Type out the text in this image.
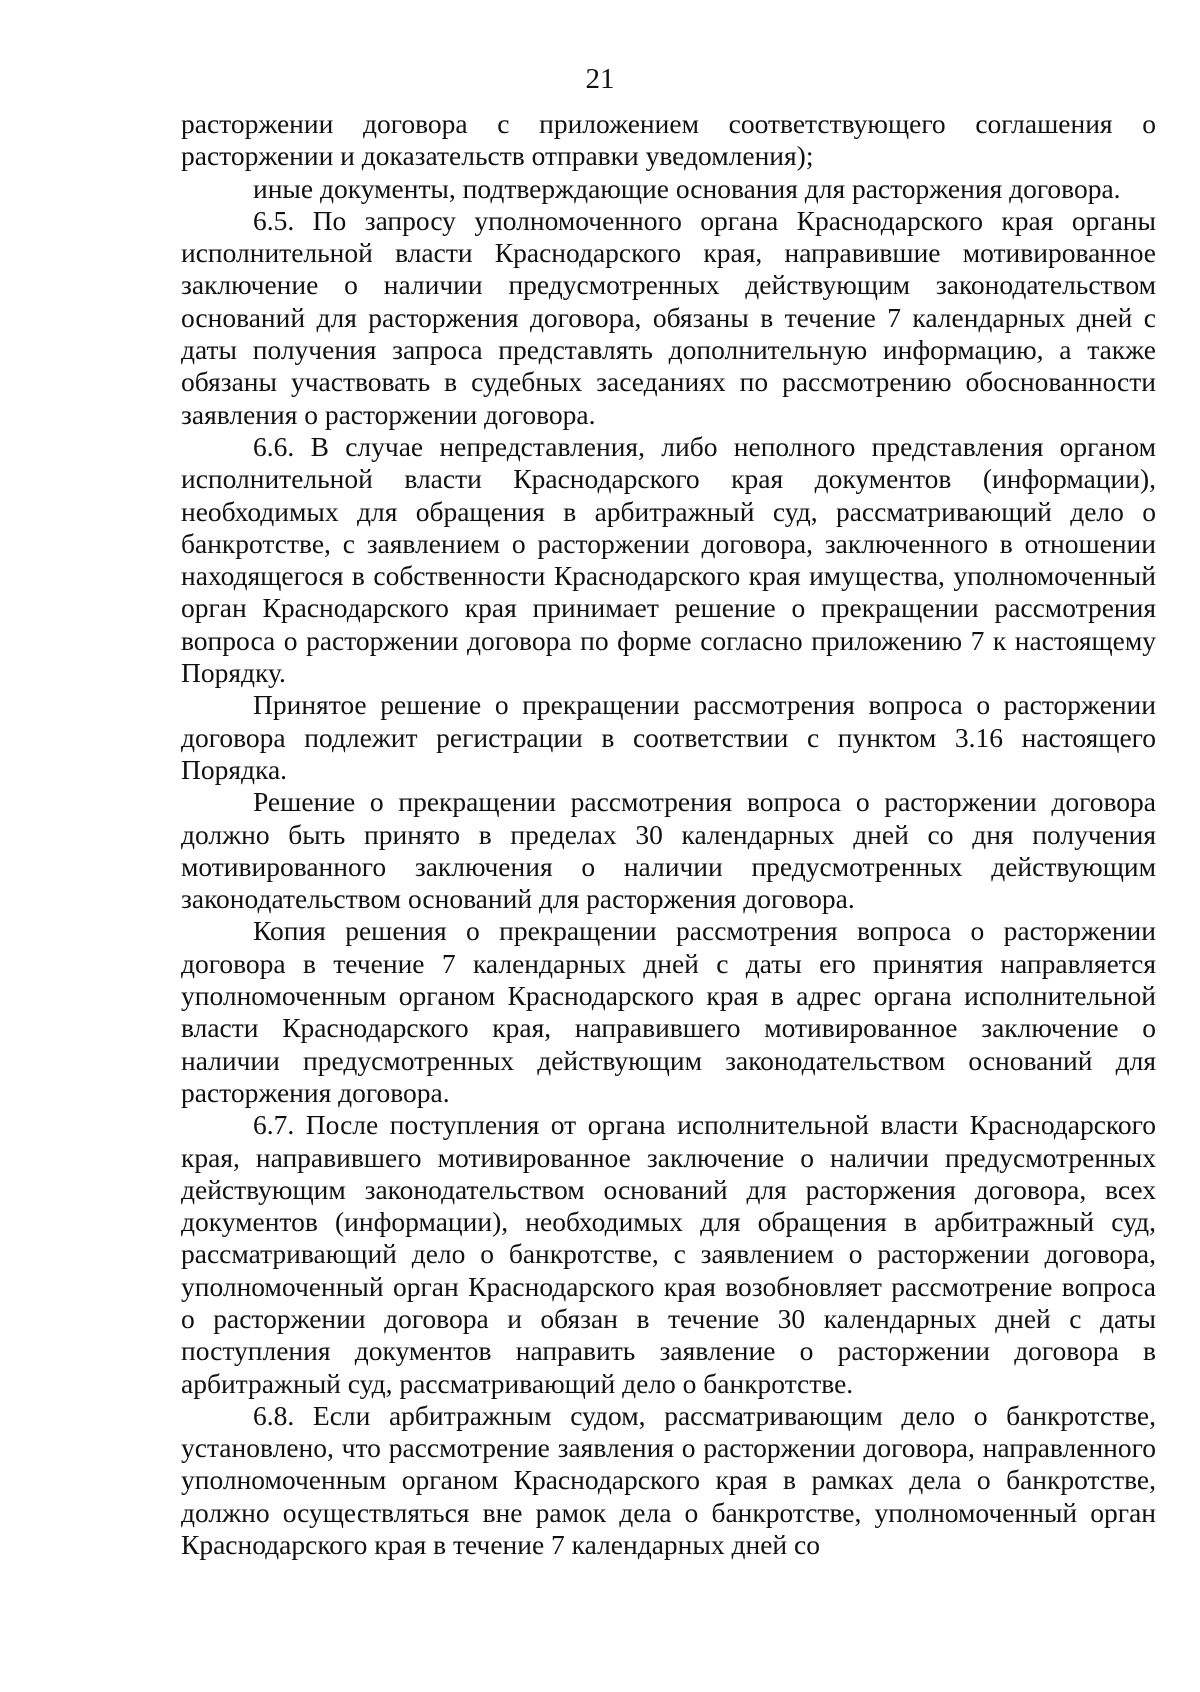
21

расторжении договора с приложением соответствующего соглашения о расторжении и доказательств отправки уведомления);

иные документы, подтверждающие основания для расторжения договора.

6.5. По запросу уполномоченного органа Краснодарского края органы исполнительной власти Краснодарского края, направившие мотивированное заключение о наличии предусмотренных действующим законодательством оснований для расторжения договора, обязаны в течение 7 календарных дней с даты получения запроса представлять дополнительную информацию, а также обязаны участвовать в судебных заседаниях по рассмотрению обоснованности заявления о расторжении договора.

6.6. В случае непредставления, либо неполного представления органом исполнительной власти Краснодарского края документов (информации), необходимых для обращения в арбитражный суд, рассматривающий дело о банкротстве, с заявлением о расторжении договора, заключенного в отношении находящегося в собственности Краснодарского края имущества, уполномоченный орган Краснодарского края принимает решение о прекращении рассмотрения вопроса о расторжении договора по форме согласно приложению 7 к настоящему Порядку.

Принятое решение о прекращении рассмотрения вопроса о расторжении договора подлежит регистрации в соответствии с пунктом 3.16 настоящего Порядка.

Решение о прекращении рассмотрения вопроса о расторжении договора должно быть принято в пределах 30 календарных дней со дня получения мотивированного заключения о наличии предусмотренных действующим законодательством оснований для расторжения договора.

Копия решения о прекращении рассмотрения вопроса о расторжении договора в течение 7 календарных дней с даты его принятия направляется уполномоченным органом Краснодарского края в адрес органа исполнительной власти Краснодарского края, направившего мотивированное заключение о наличии предусмотренных действующим законодательством оснований для расторжения договора.

6.7. После поступления от органа исполнительной власти Краснодарского края, направившего мотивированное заключение о наличии предусмотренных действующим законодательством оснований для расторжения договора, всех документов (информации), необходимых для обращения в арбитражный суд, рассматривающий дело о банкротстве, с заявлением о расторжении договора, уполномоченный орган Краснодарского края возобновляет рассмотрение вопроса о расторжении договора и обязан в течение 30 календарных дней с даты поступления документов направить заявление о расторжении договора в арбитражный суд, рассматривающий дело о банкротстве.

6.8. Если арбитражным судом, рассматривающим дело о банкротстве, установлено, что рассмотрение заявления о расторжении договора, направленного уполномоченным органом Краснодарского края в рамках дела о банкротстве, должно осуществляться вне рамок дела о банкротстве, уполномоченный орган Краснодарского края в течение 7 календарных дней со
